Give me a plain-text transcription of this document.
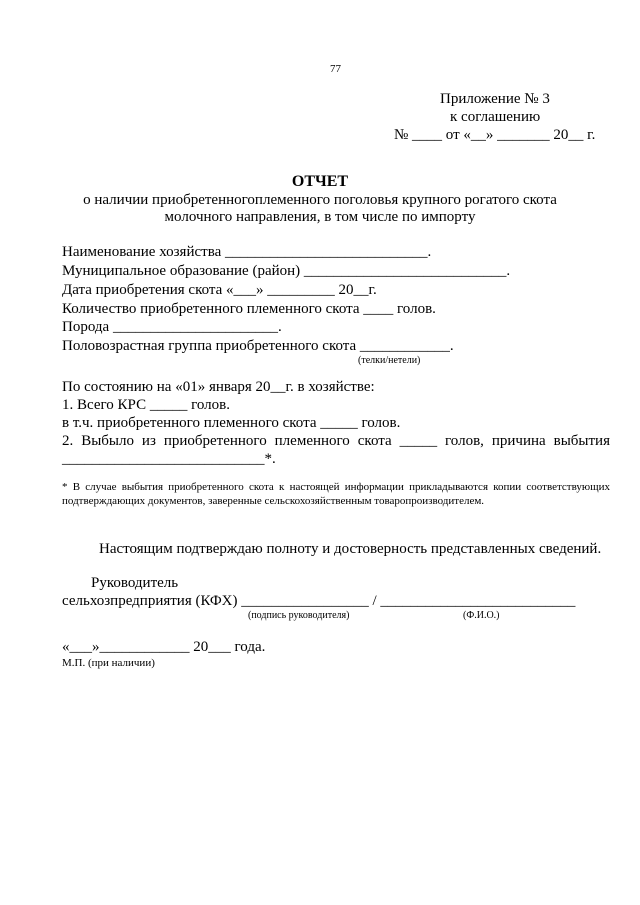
77
Приложение № 3
к соглашению
№ ____ от «__» _______ 20__ г.
ОТЧЕТ
о наличии приобретенногоплеменного поголовья крупного рогатого скота
молочного направления, в том числе по импорту
Наименование хозяйства ___________________________.
Муниципальное образование (район) ___________________________.
Дата приобретения скота «___» _________ 20__г.
Количество приобретенного племенного скота ____ голов.
Порода ______________________.
Половозрастная группа приобретенного скота ____________.
(телки/нетели)
По состоянию на «01» января 20__г. в хозяйстве:
1. Всего КРС _____ голов.
в т.ч. приобретенного племенного скота _____ голов.
2. Выбыло из приобретенного племенного скота _____ голов, причина выбытия
___________________________*.
* В случае выбытия приобретенного скота к настоящей информации прикладываются копии соответствующих подтверждающих документов, заверенные сельскохозяйственным товаропроизводителем.
Настоящим подтверждаю полноту и достоверность представленных сведений.
Руководитель
сельхозпредприятия (КФХ) _________________ / __________________________
(подпись руководителя)	(Ф.И.О.)
«___»____________ 20___ года.
М.П. (при наличии)
